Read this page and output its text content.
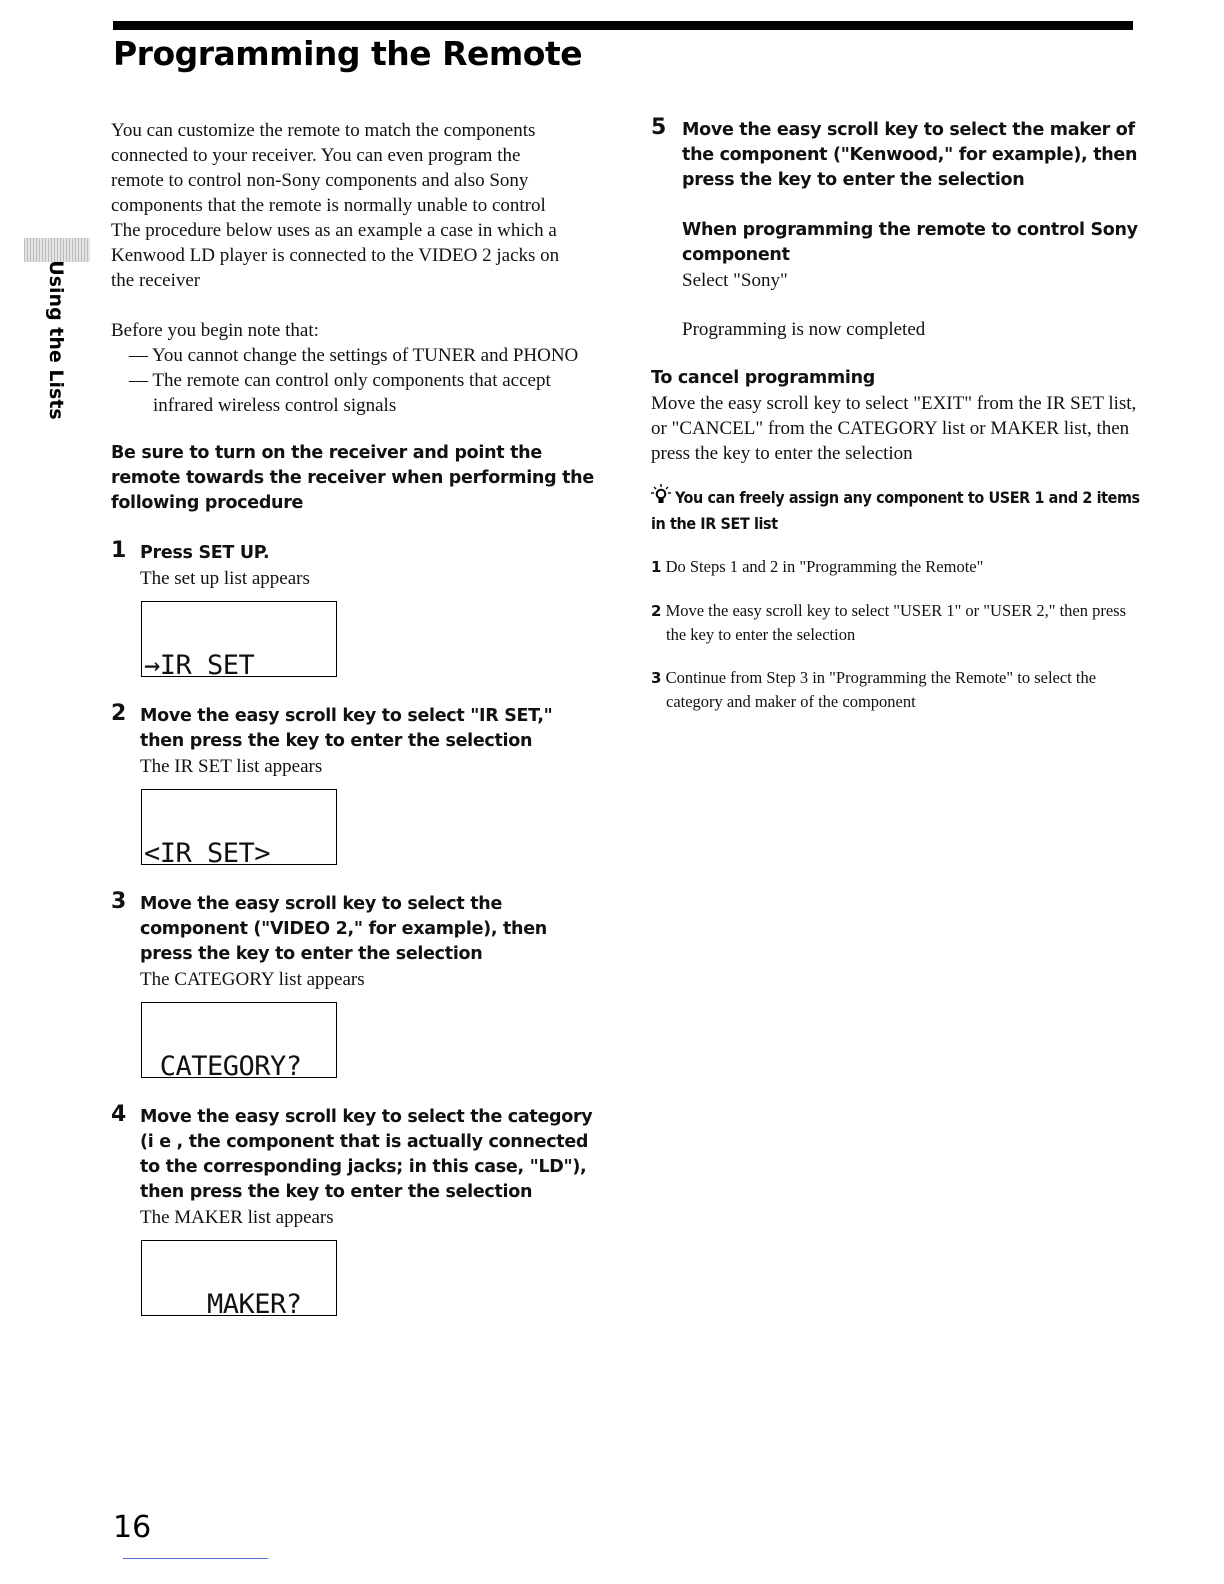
Programming the Remote
Using the Lists

You can customize the remote to match the components
connected to your receiver. You can even program the
remote to control non-Sony components and also Sony
components that the remote is normally unable to control
The procedure below uses as an example a case in which a
Kenwood LD player is connected to the VIDEO 2 jacks on
the receiver

Before you begin note that:

— You cannot change the settings of TUNER and PHONO
— The remote can control only components that accept infrared wireless control signals

Be sure to turn on the receiver and point the remote towards the receiver when performing the following procedure

1 Press SET UP.

The set up list appears

→IR SET

2 Move the easy scroll key to select "IR SET," then press the key to enter the selection

The IR SET list appears

<IR SET>

3 Move the easy scroll key to select the component ("VIDEO 2," for example), then press the key to enter the selection

The CATEGORY list appears

CATEGORY?

4 Move the easy scroll key to select the category (i e , the component that is actually connected to the corresponding jacks; in this case, "LD"), then press the key to enter the selection

The MAKER list appears

MAKER?

5 Move the easy scroll key to select the maker of the component ("Kenwood," for example), then press the key to enter the selection

When programming the remote to control Sony component

Select "Sony"

Programming is now completed

To cancel programming

Move the easy scroll key to select "EXIT" from the IR SET list, or "CANCEL" from the CATEGORY list or MAKER list, then press the key to enter the selection

You can freely assign any component to USER 1 and 2 items in the IR SET list

1 Do Steps 1 and 2 in "Programming the Remote"

2 Move the easy scroll key to select "USER 1" or "USER 2," then press the key to enter the selection

3 Continue from Step 3 in "Programming the Remote" to select the category and maker of the component

16
